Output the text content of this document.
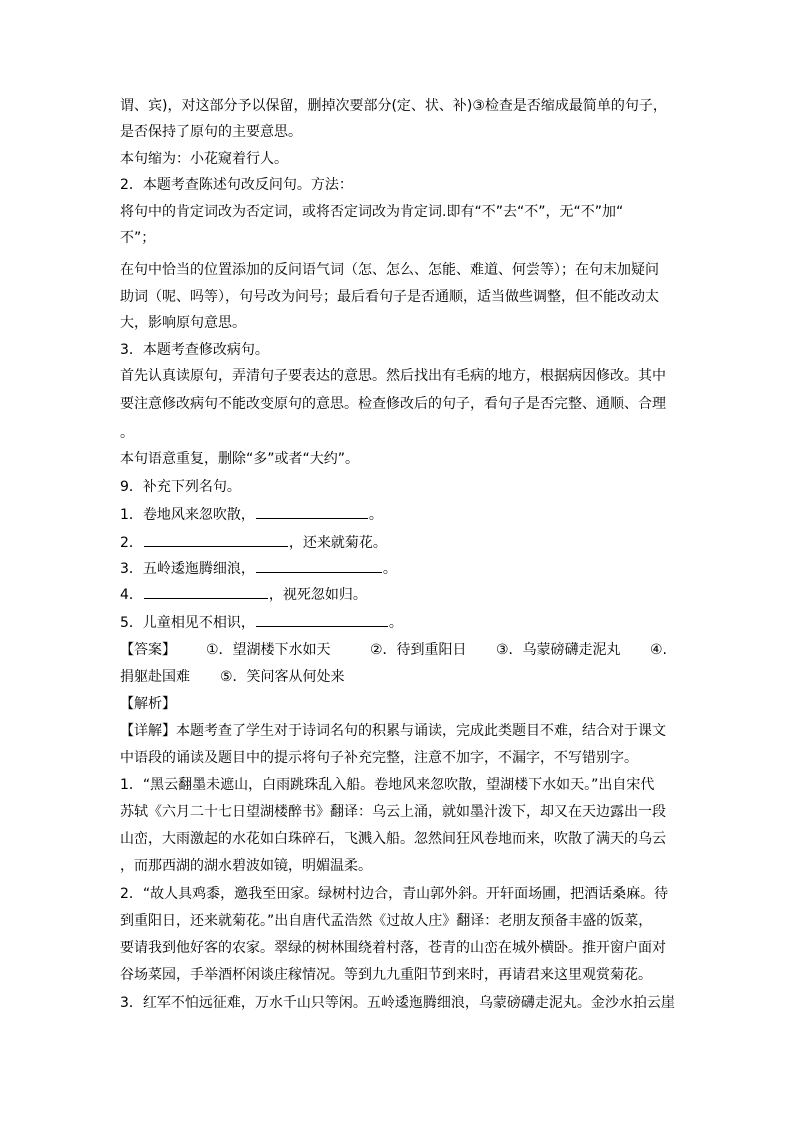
谓、宾)，对这部分予以保留，删掉次要部分(定、状、补)③检查是否缩成最简单的句子，
是否保持了原句的主要意思。
本句缩为：小花窥着行人。
2．本题考查陈述句改反问句。方法：
将句中的肯定词改为否定词，或将否定词改为肯定词.即有“不”去“不”，无“不”加“
不”；
在句中恰当的位置添加的反问语气词（怎、怎么、怎能、难道、何尝等）；在句末加疑问
助词（呢、吗等），句号改为问号；最后看句子是否通顺，适当做些调整，但不能改动太
大，影响原句意思。
3．本题考查修改病句。
首先认真读原句，弄清句子要表达的意思。然后找出有毛病的地方，根据病因修改。其中
要注意修改病句不能改变原句的意思。检查修改后的句子，看句子是否完整、通顺、合理
。
本句语意重复，删除“多”或者“大约”。
9．补充下列名句。
1．卷地风来忽吹散，	。
2．	，还来就菊花。
3．五岭逶迤腾细浪，	。
4．	，视死忽如归。
5．儿童相见不相识，	。
【答案】 ①．望湖楼下水如天	②．待到重阳日 ③．乌蒙磅礴走泥丸 ④.
捐躯赴国难 ⑤．笑问客从何处来
【解析】
【详解】本题考查了学生对于诗词名句的积累与诵读，完成此类题目不难，结合对于课文
中语段的诵读及题目中的提示将句子补充完整，注意不加字，不漏字，不写错别字。
1．“黑云翻墨未遮山，白雨跳珠乱入船。卷地风来忽吹散，望湖楼下水如天。”出自宋代
苏轼《六月二十七日望湖楼醉书》翻译：乌云上涌，就如墨汁泼下，却又在天边露出一段
山峦，大雨激起的水花如白珠碎石，飞溅入船。忽然间狂风卷地而来，吹散了满天的乌云
，而那西湖的湖水碧波如镜，明媚温柔。
2．“故人具鸡黍，邀我至田家。绿树村边合，青山郭外斜。开轩面场圃，把酒话桑麻。待
到重阳日，还来就菊花。”出自唐代孟浩然《过故人庄》翻译：老朋友预备丰盛的饭菜，
要请我到他好客的农家。翠绿的树林围绕着村落，苍青的山峦在城外横卧。推开窗户面对
谷场菜园，手举酒杯闲谈庄稼情况。等到九九重阳节到来时，再请君来这里观赏菊花。
3．红军不怕远征难，万水千山只等闲。五岭逶迤腾细浪，乌蒙磅礴走泥丸。金沙水拍云崖
